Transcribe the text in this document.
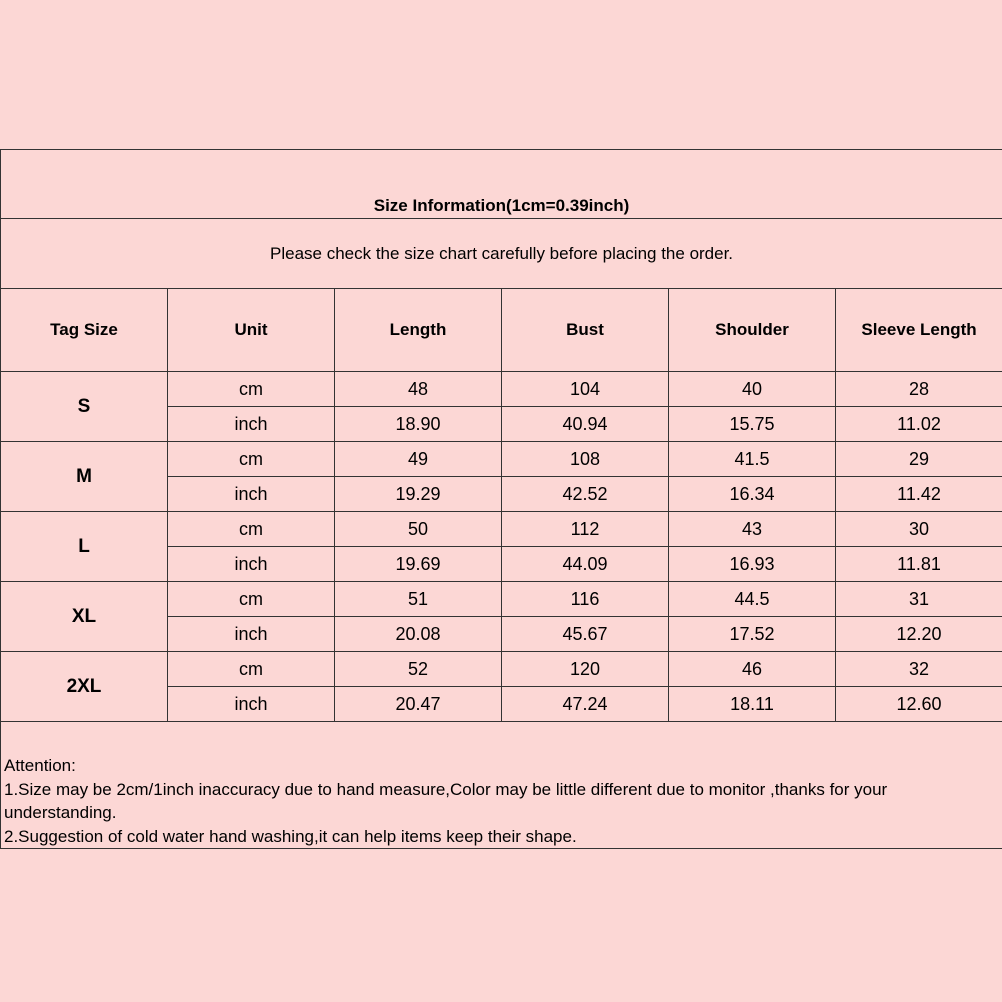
Size Information(1cm=0.39inch)					
Please check the size chart carefully before placing the order.					
Tag Size	Unit	Length	Bust	Shoulder	Sleeve Length
S	cm	48	104	40	28
	inch	18.90	40.94	15.75	11.02
M	cm	49	108	41.5	29
	inch	19.29	42.52	16.34	11.42
L	cm	50	112	43	30
	inch	19.69	44.09	16.93	11.81
XL	cm	51	116	44.5	31
	inch	20.08	45.67	17.52	12.20
2XL	cm	52	120	46	32
	inch	20.47	47.24	18.11	12.60

Attention:
1.Size may be 2cm/1inch inaccuracy due to hand measure,Color may be little different due to monitor ,thanks for your understanding.
2.Suggestion of cold water hand washing,it can help items keep their shape.					
